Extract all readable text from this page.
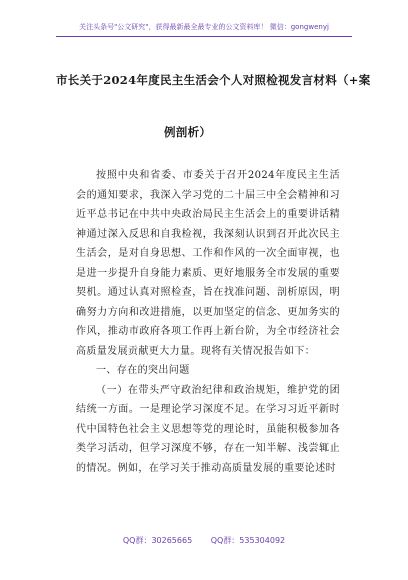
关注头条号"公文研究"，获得最新最全最专业的公文资料库！ 微信：gongwenyj
市长关于2024年度民主生活会个人对照检视发言材料（+案
例剖析）

按照中央和省委、市委关于召开2024年度民主生活会的通知要求，我深入学习党的二十届三中全会精神和习近平总书记在中共中央政治局民主生活会上的重要讲话精神通过深入反思和自我检视，我深刻认识到召开此次民主生活会，是对自身思想、工作和作风的一次全面审视，也是进一步提升自身能力素质、更好地服务全市发展的重要契机。通过认真对照检查，旨在找准问题、剖析原因，明确努力方向和改进措施，以更加坚定的信念、更加务实的作风，推动市政府各项工作再上新台阶，为全市经济社会高质量发展贡献更大力量。现将有关情况报告如下：

一、存在的突出问题

（一）在带头严守政治纪律和政治规矩，维护党的团结统一方面。一是理论学习深度不足。在学习习近平新时代中国特色社会主义思想等党的理论时，虽能积极参加各类学习活动，但学习深度不够，存在一知半解、浅尝辄止的情况。例如，在学习关于推动高质量发展的重要论述时

QQ群：30265665 QQ群：535304092
